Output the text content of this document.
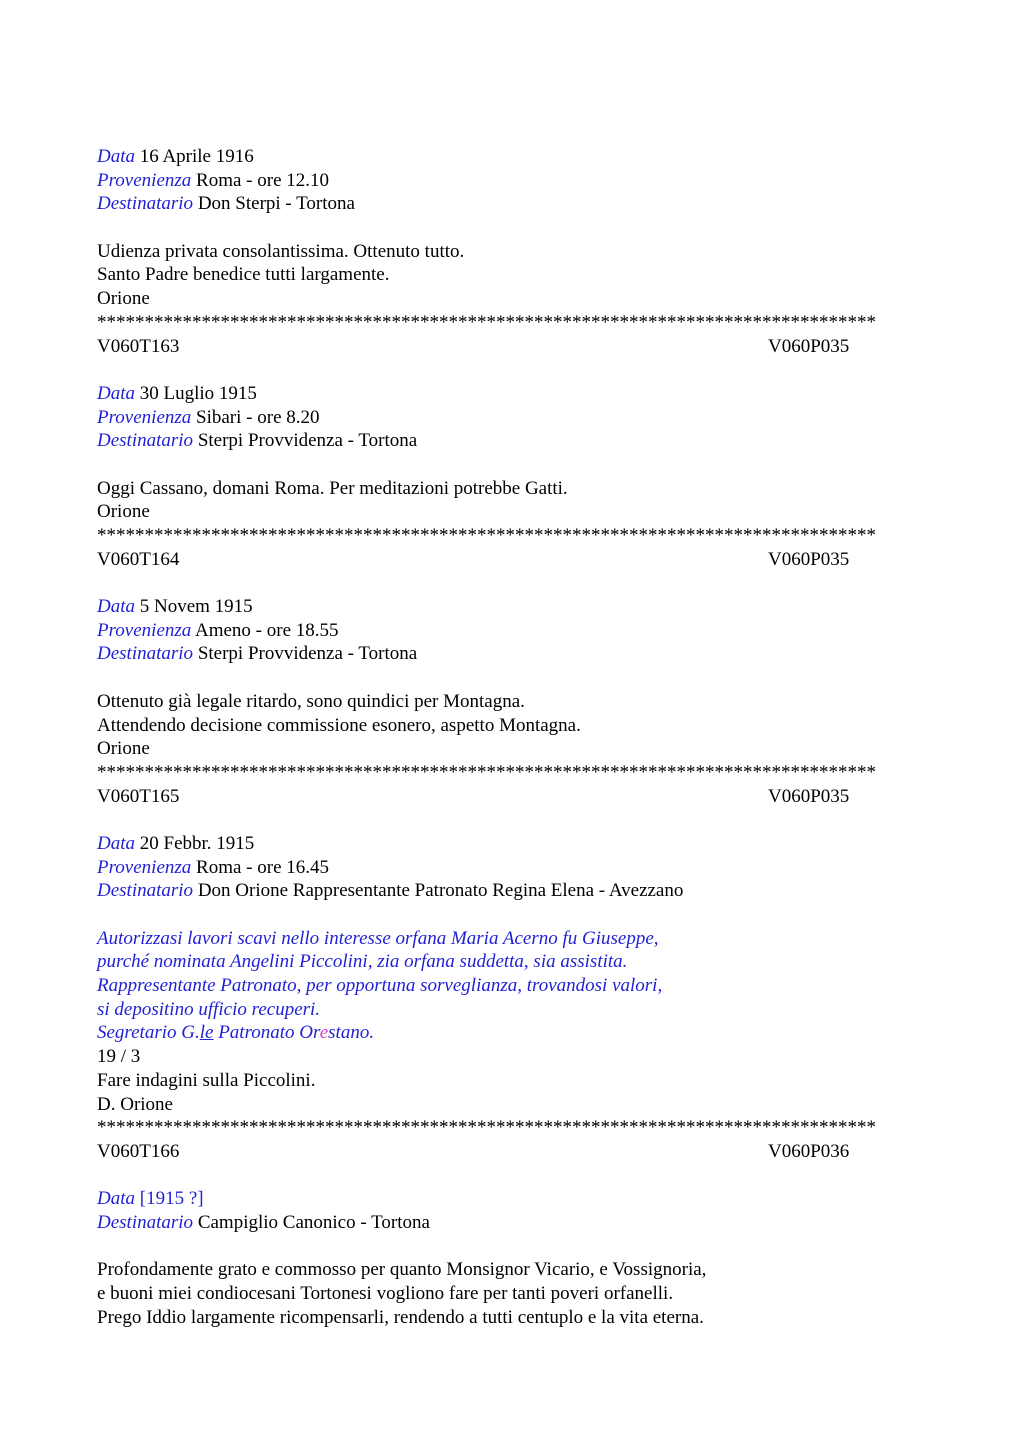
Data 16 Aprile 1916
Provenienza Roma - ore 12.10
Destinatario Don Sterpi - Tortona
Udienza privata consolantissima. Ottenuto tutto.
Santo Padre benedice tutti largamente.
Orione
**********************************************************************************
V060T163	V060P035
Data 30 Luglio 1915
Provenienza Sibari - ore 8.20
Destinatario Sterpi Provvidenza - Tortona
Oggi Cassano, domani Roma. Per meditazioni potrebbe Gatti.
Orione
**********************************************************************************
V060T164	V060P035
Data 5 Novem 1915
Provenienza Ameno - ore 18.55
Destinatario Sterpi Provvidenza - Tortona
Ottenuto già legale ritardo, sono quindici per Montagna.
Attendendo decisione commissione esonero, aspetto Montagna.
Orione
**********************************************************************************
V060T165	V060P035
Data 20 Febbr. 1915
Provenienza Roma - ore 16.45
Destinatario Don Orione Rappresentante Patronato Regina Elena - Avezzano
Autorizzasi lavori scavi nello interesse orfana Maria Acerno fu Giuseppe,
purché nominata Angelini Piccolini, zia orfana suddetta, sia assistita.
Rappresentante Patronato, per opportuna sorveglianza, trovandosi valori,
si depositino ufficio recuperi.
Segretario G.le Patronato Orestano.
19 / 3
Fare indagini sulla Piccolini.
D. Orione
**********************************************************************************
V060T166	V060P036
Data [1915 ?]
Destinatario Campiglio Canonico - Tortona
Profondamente grato e commosso per quanto Monsignor Vicario, e Vossignoria,
e buoni miei condiocesani Tortonesi vogliono fare per tanti poveri orfanelli.
Prego Iddio largamente ricompensarli, rendendo a tutti centuplo e la vita eterna.
